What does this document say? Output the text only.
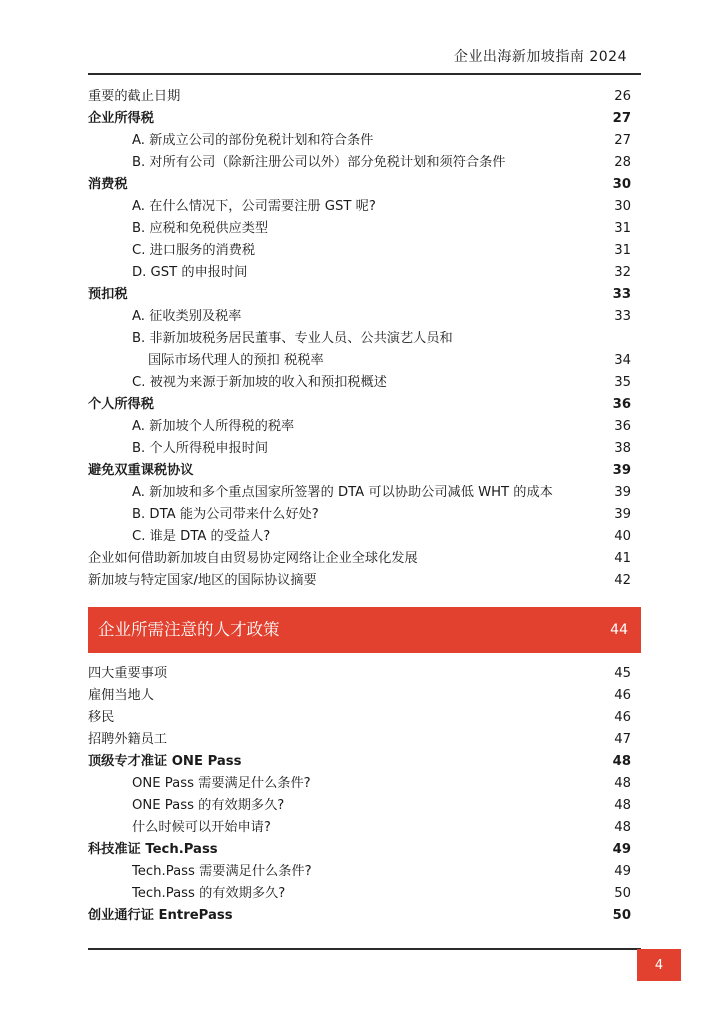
企业出海新加坡指南 2024
重要的截止日期	26
企业所得税	27
A. 新成立公司的部份免税计划和符合条件	27
B. 对所有公司（除新注册公司以外）部分免税计划和须符合条件	28
消费税	30
A. 在什么情况下，公司需要注册 GST 呢?	30
B. 应税和免税供应类型	31
C. 进口服务的消费税	31
D. GST 的申报时间	32
预扣税	33
A. 征收类别及税率	33
B. 非新加坡税务居民董事、专业人员、公共演艺人员和
国际市场代理人的预扣 税税率	34
C. 被视为来源于新加坡的收入和预扣税概述	35
个人所得税	36
A. 新加坡个人所得税的税率	36
B. 个人所得税申报时间	38
避免双重课税协议	39
A. 新加坡和多个重点国家所签署的 DTA 可以协助公司减低 WHT 的成本	39
B. DTA 能为公司带来什么好处?	39
C. 谁是 DTA 的受益人?	40
企业如何借助新加坡自由贸易协定网络让企业全球化发展	41
新加坡与特定国家/地区的国际协议摘要	42
企业所需注意的人才政策	44
四大重要事项	45
雇佣当地人	46
移民	46
招聘外籍员工	47
顶级专才准证 ONE Pass	48
ONE Pass 需要满足什么条件?	48
ONE Pass 的有效期多久?	48
什么时候可以开始申请?	48
科技准证 Tech.Pass	49
Tech.Pass 需要满足什么条件?	49
Tech.Pass 的有效期多久?	50
创业通行证 EntrePass	50
4
